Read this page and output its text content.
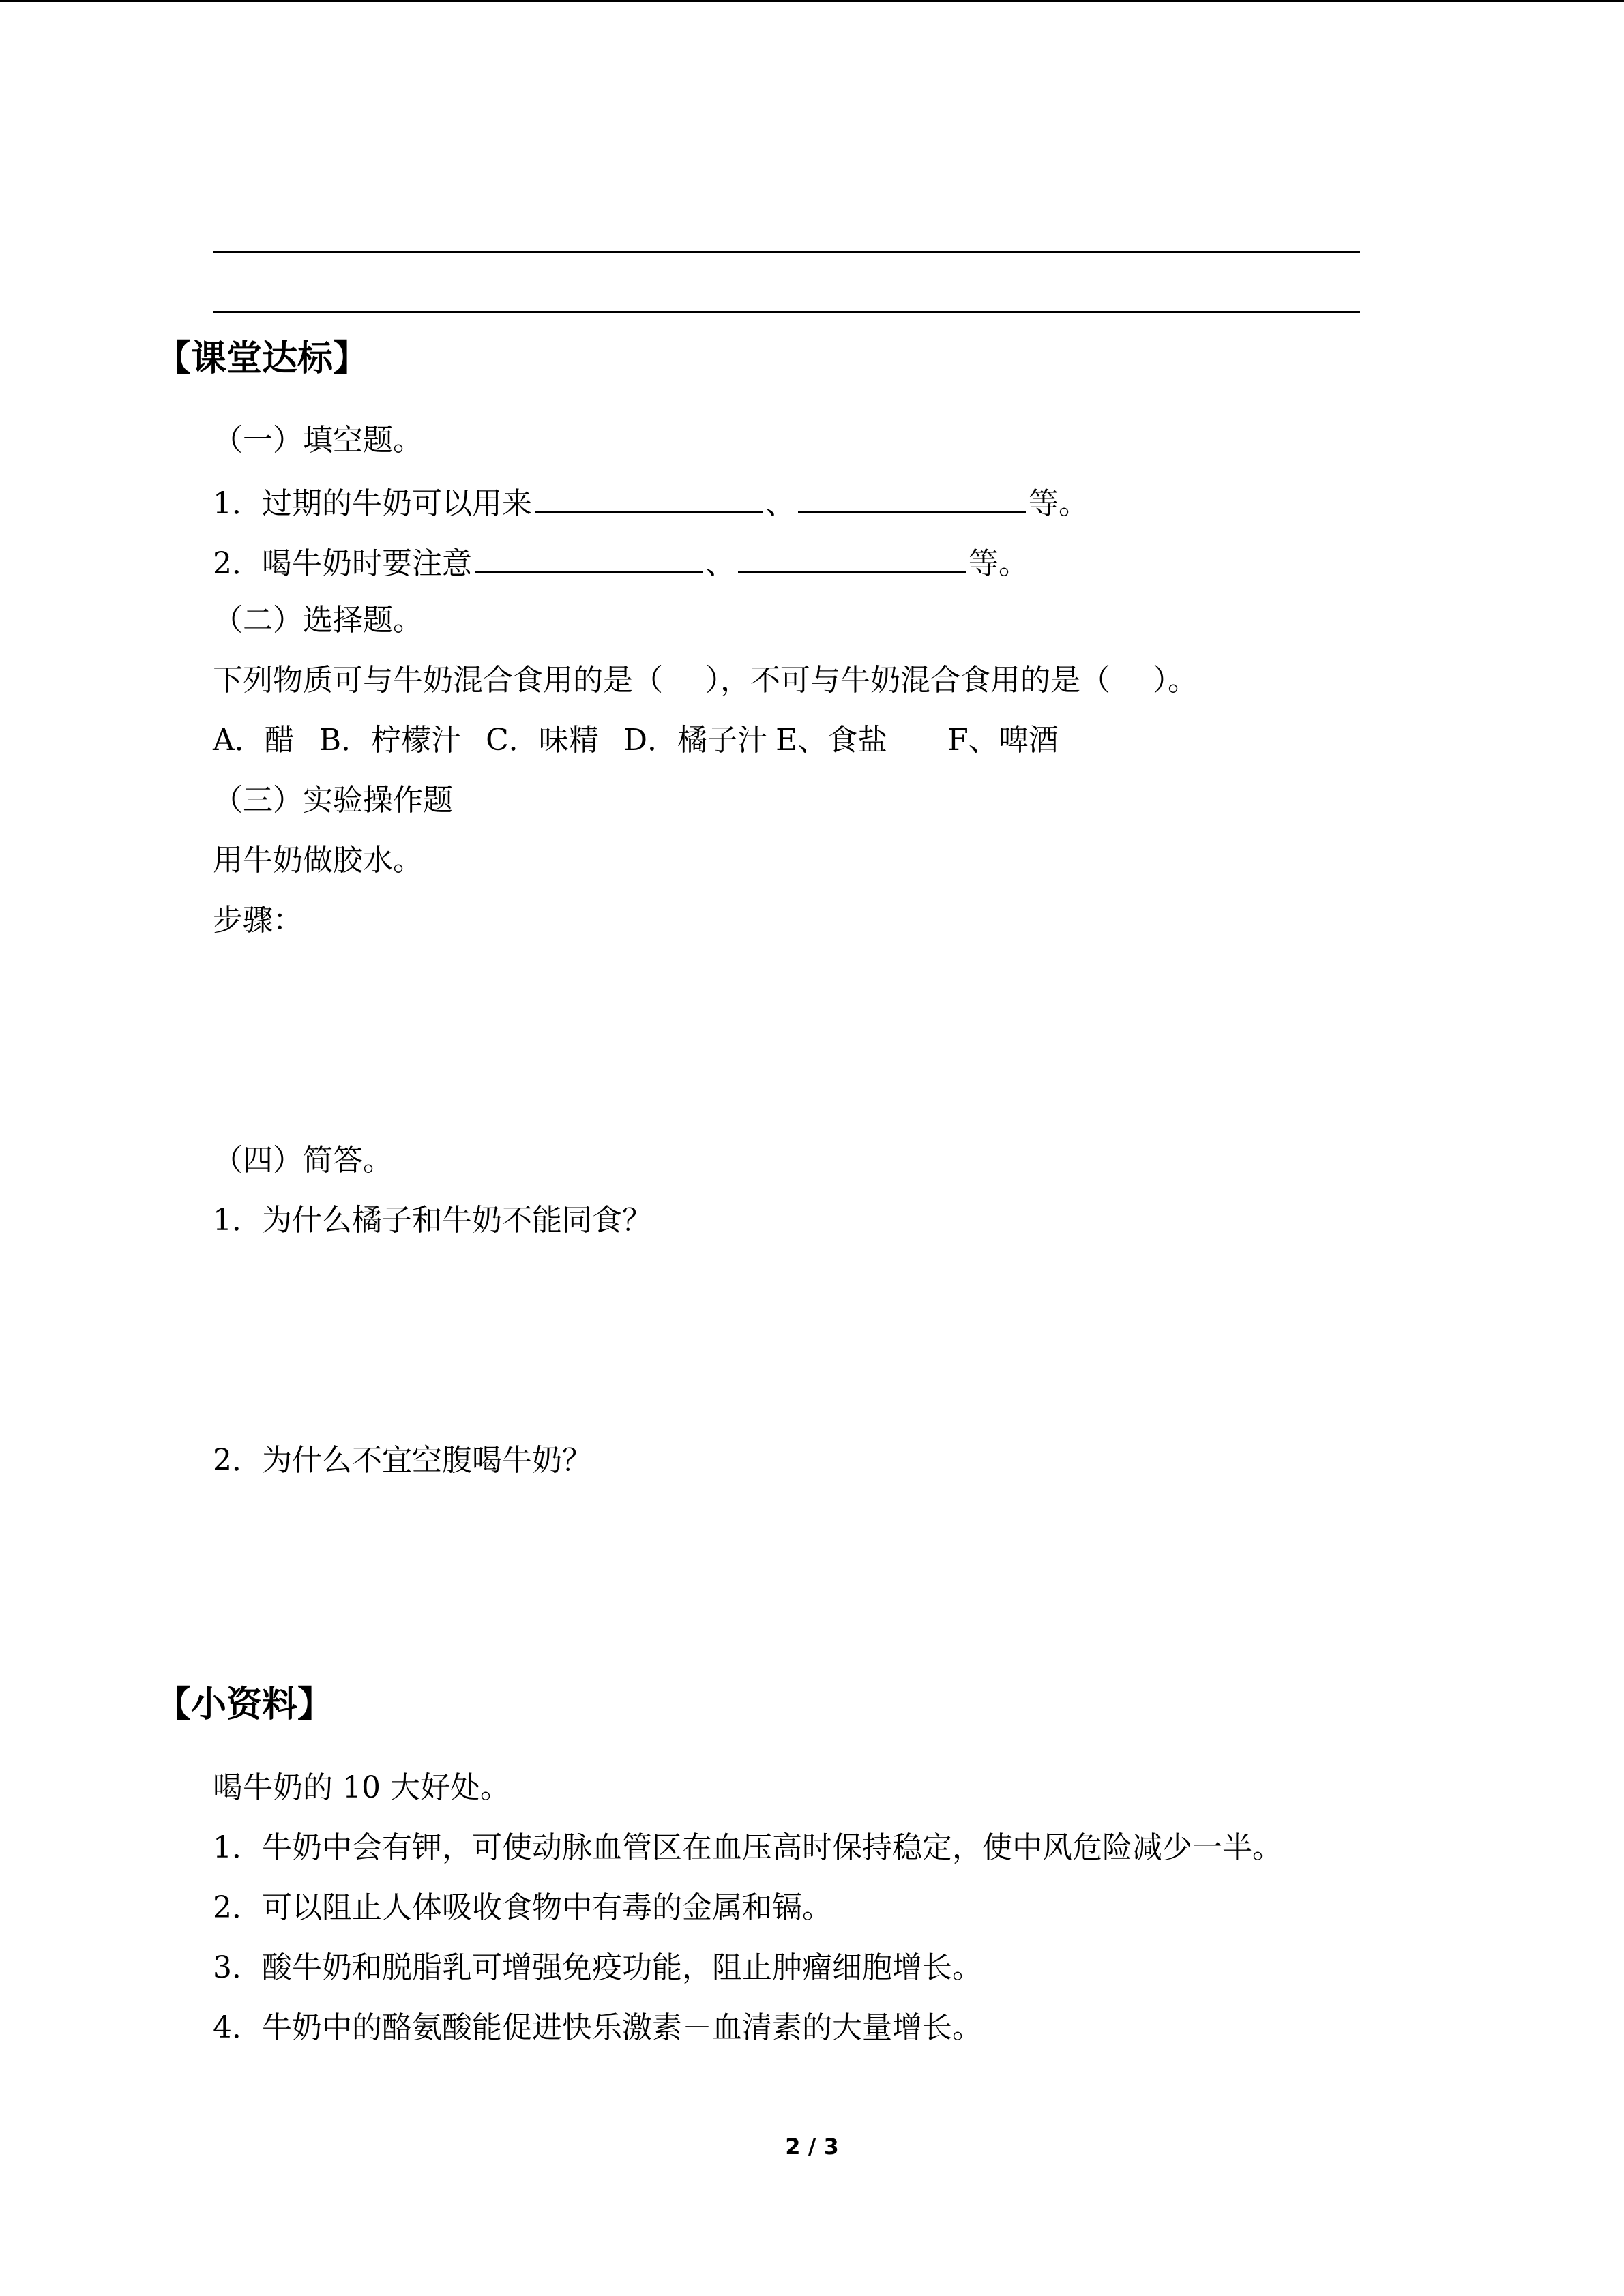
【课堂达标】
（一）填空题。
1．过期的牛奶可以用来	、	等。
2．喝牛奶时要注意	、	等。
（二）选择题。
下列物质可与牛奶混合食用的是（ ），不可与牛奶混合食用的是（ ）。
A．醋 B．柠檬汁 C．味精 D．橘子汁 E、食盐 F、啤酒
（三）实验操作题
用牛奶做胶水。
步骤：
（四）简答。
1．为什么橘子和牛奶不能同食？
2．为什么不宜空腹喝牛奶？
【小资料】
喝牛奶的 10 大好处。
1．牛奶中会有钾，可使动脉血管区在血压高时保持稳定，使中风危险减少一半。
2．可以阻止人体吸收食物中有毒的金属和镉。
3．酸牛奶和脱脂乳可增强免疫功能，阻止肿瘤细胞增长。
4．牛奶中的酪氨酸能促进快乐激素－血清素的大量增长。
2 / 3
